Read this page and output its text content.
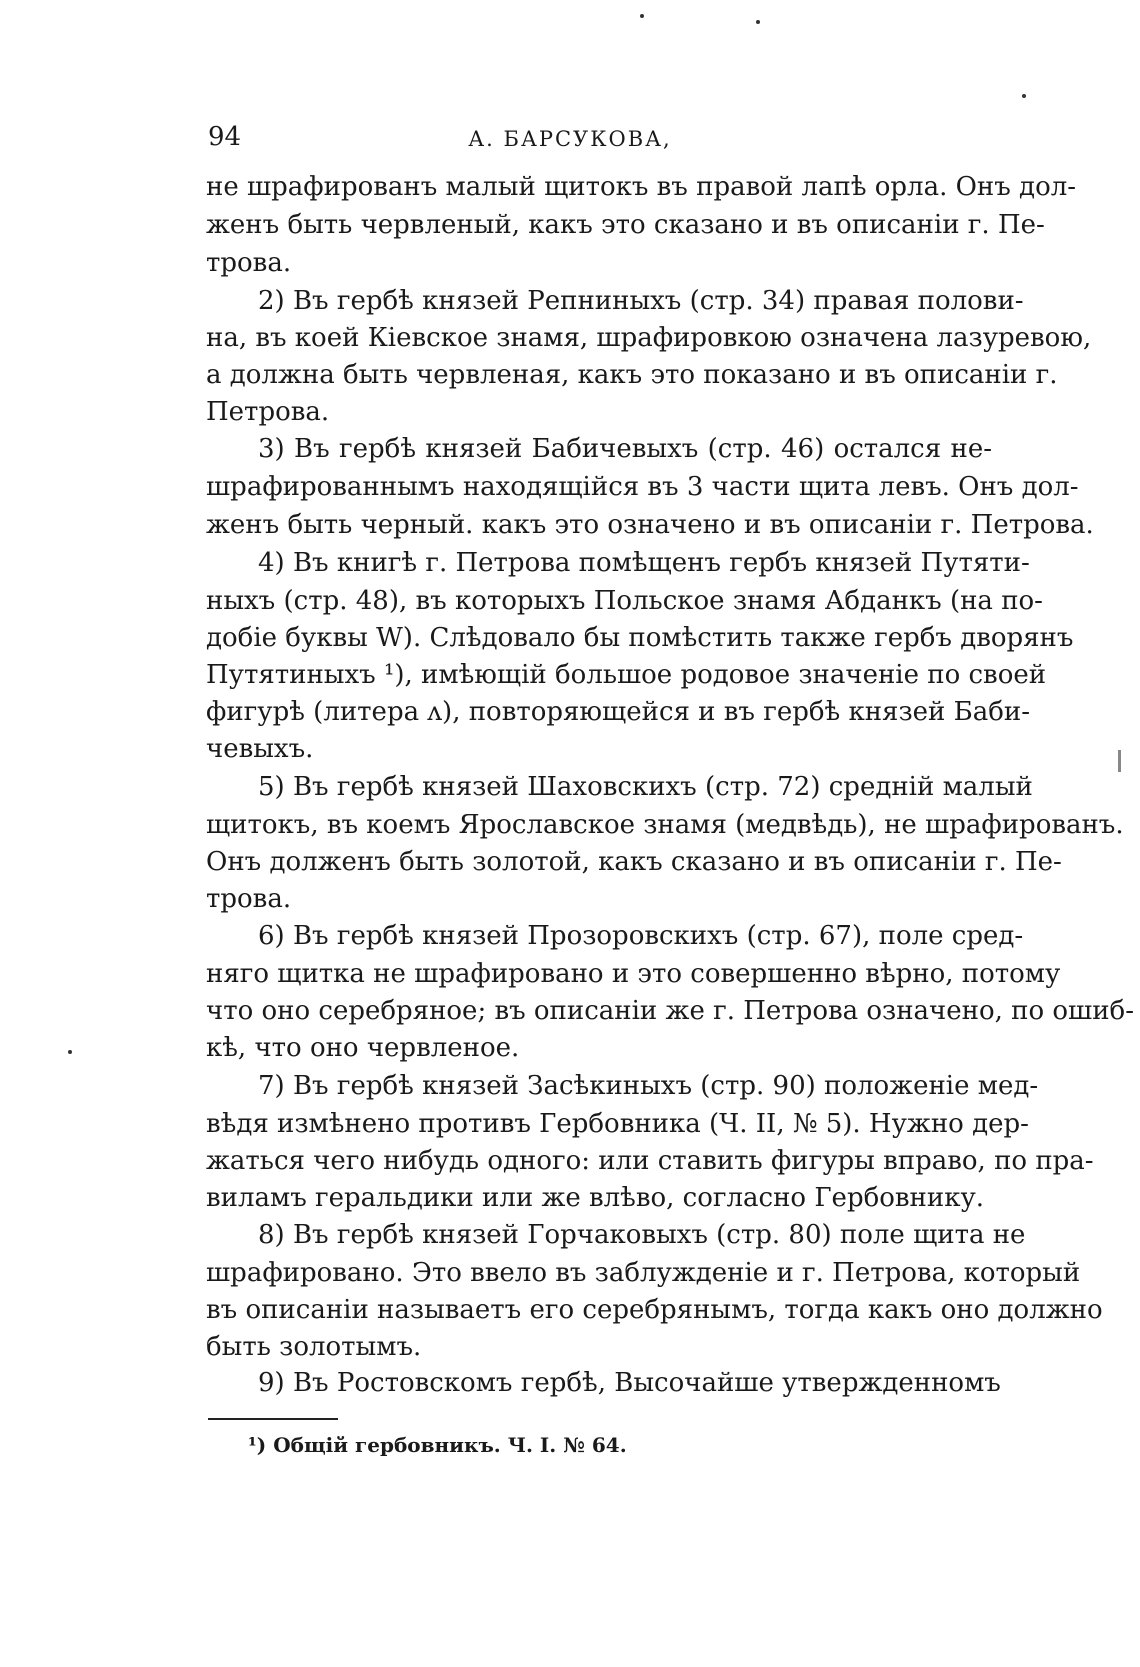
94	А. БАРСУКОВА,
не шрафированъ малый щитокъ въ правой лапѣ орла. Онъ дол-
женъ быть червленый, какъ это сказано и въ описаніи г. Пе-
трова.
2) Въ гербѣ князей Репниныхъ (стр. 34) правая полови-
на, въ коей Кіевское знамя, шрафировкою означена лазуревою,
а должна быть червленая, какъ это показано и въ описаніи г.
Петрова.
3) Въ гербѣ князей Бабичевыхъ (стр. 46) остался не-
шрафированнымъ находящійся въ 3 части щита левъ. Онъ дол-
женъ быть черный. какъ это означено и въ описаніи г. Петрова.
4) Въ книгѣ г. Петрова помѣщенъ гербъ князей Путяти-
ныхъ (стр. 48), въ которыхъ Польское знамя Абданкъ (на по-
добіе буквы W). Слѣдовало бы помѣстить также гербъ дворянъ
Путятиныхъ ¹), имѣющій большое родовое значеніе по своей
фигурѣ (литера ʌ), повторяющейся и въ гербѣ князей Баби-
чевыхъ.
5) Въ гербѣ князей Шаховскихъ (стр. 72) средній малый
щитокъ, въ коемъ Ярославское знамя (медвѣдь), не шрафированъ.
Онъ долженъ быть золотой, какъ сказано и въ описаніи г. Пе-
трова.
6) Въ гербѣ князей Прозоровскихъ (стр. 67), поле сред-
няго щитка не шрафировано и это совершенно вѣрно, потому
что оно серебряное; въ описаніи же г. Петрова означено, по ошиб-
кѣ, что оно червленое.
7) Въ гербѣ князей Засѣкиныхъ (стр. 90) положеніе мед-
вѣдя измѣнено противъ Гербовника (Ч. II, № 5). Нужно дер-
жаться чего нибудь одного: или ставить фигуры вправо, по пра-
виламъ геральдики или же влѣво, согласно Гербовнику.
8) Въ гербѣ князей Горчаковыхъ (стр. 80) поле щита не
шрафировано. Это ввело въ заблужденіе и г. Петрова, который
въ описаніи называетъ его серебрянымъ, тогда какъ оно должно
быть золотымъ.
9) Въ Ростовскомъ гербѣ, Высочайше утвержденномъ
¹) Общій гербовникъ. Ч. I. № 64.
